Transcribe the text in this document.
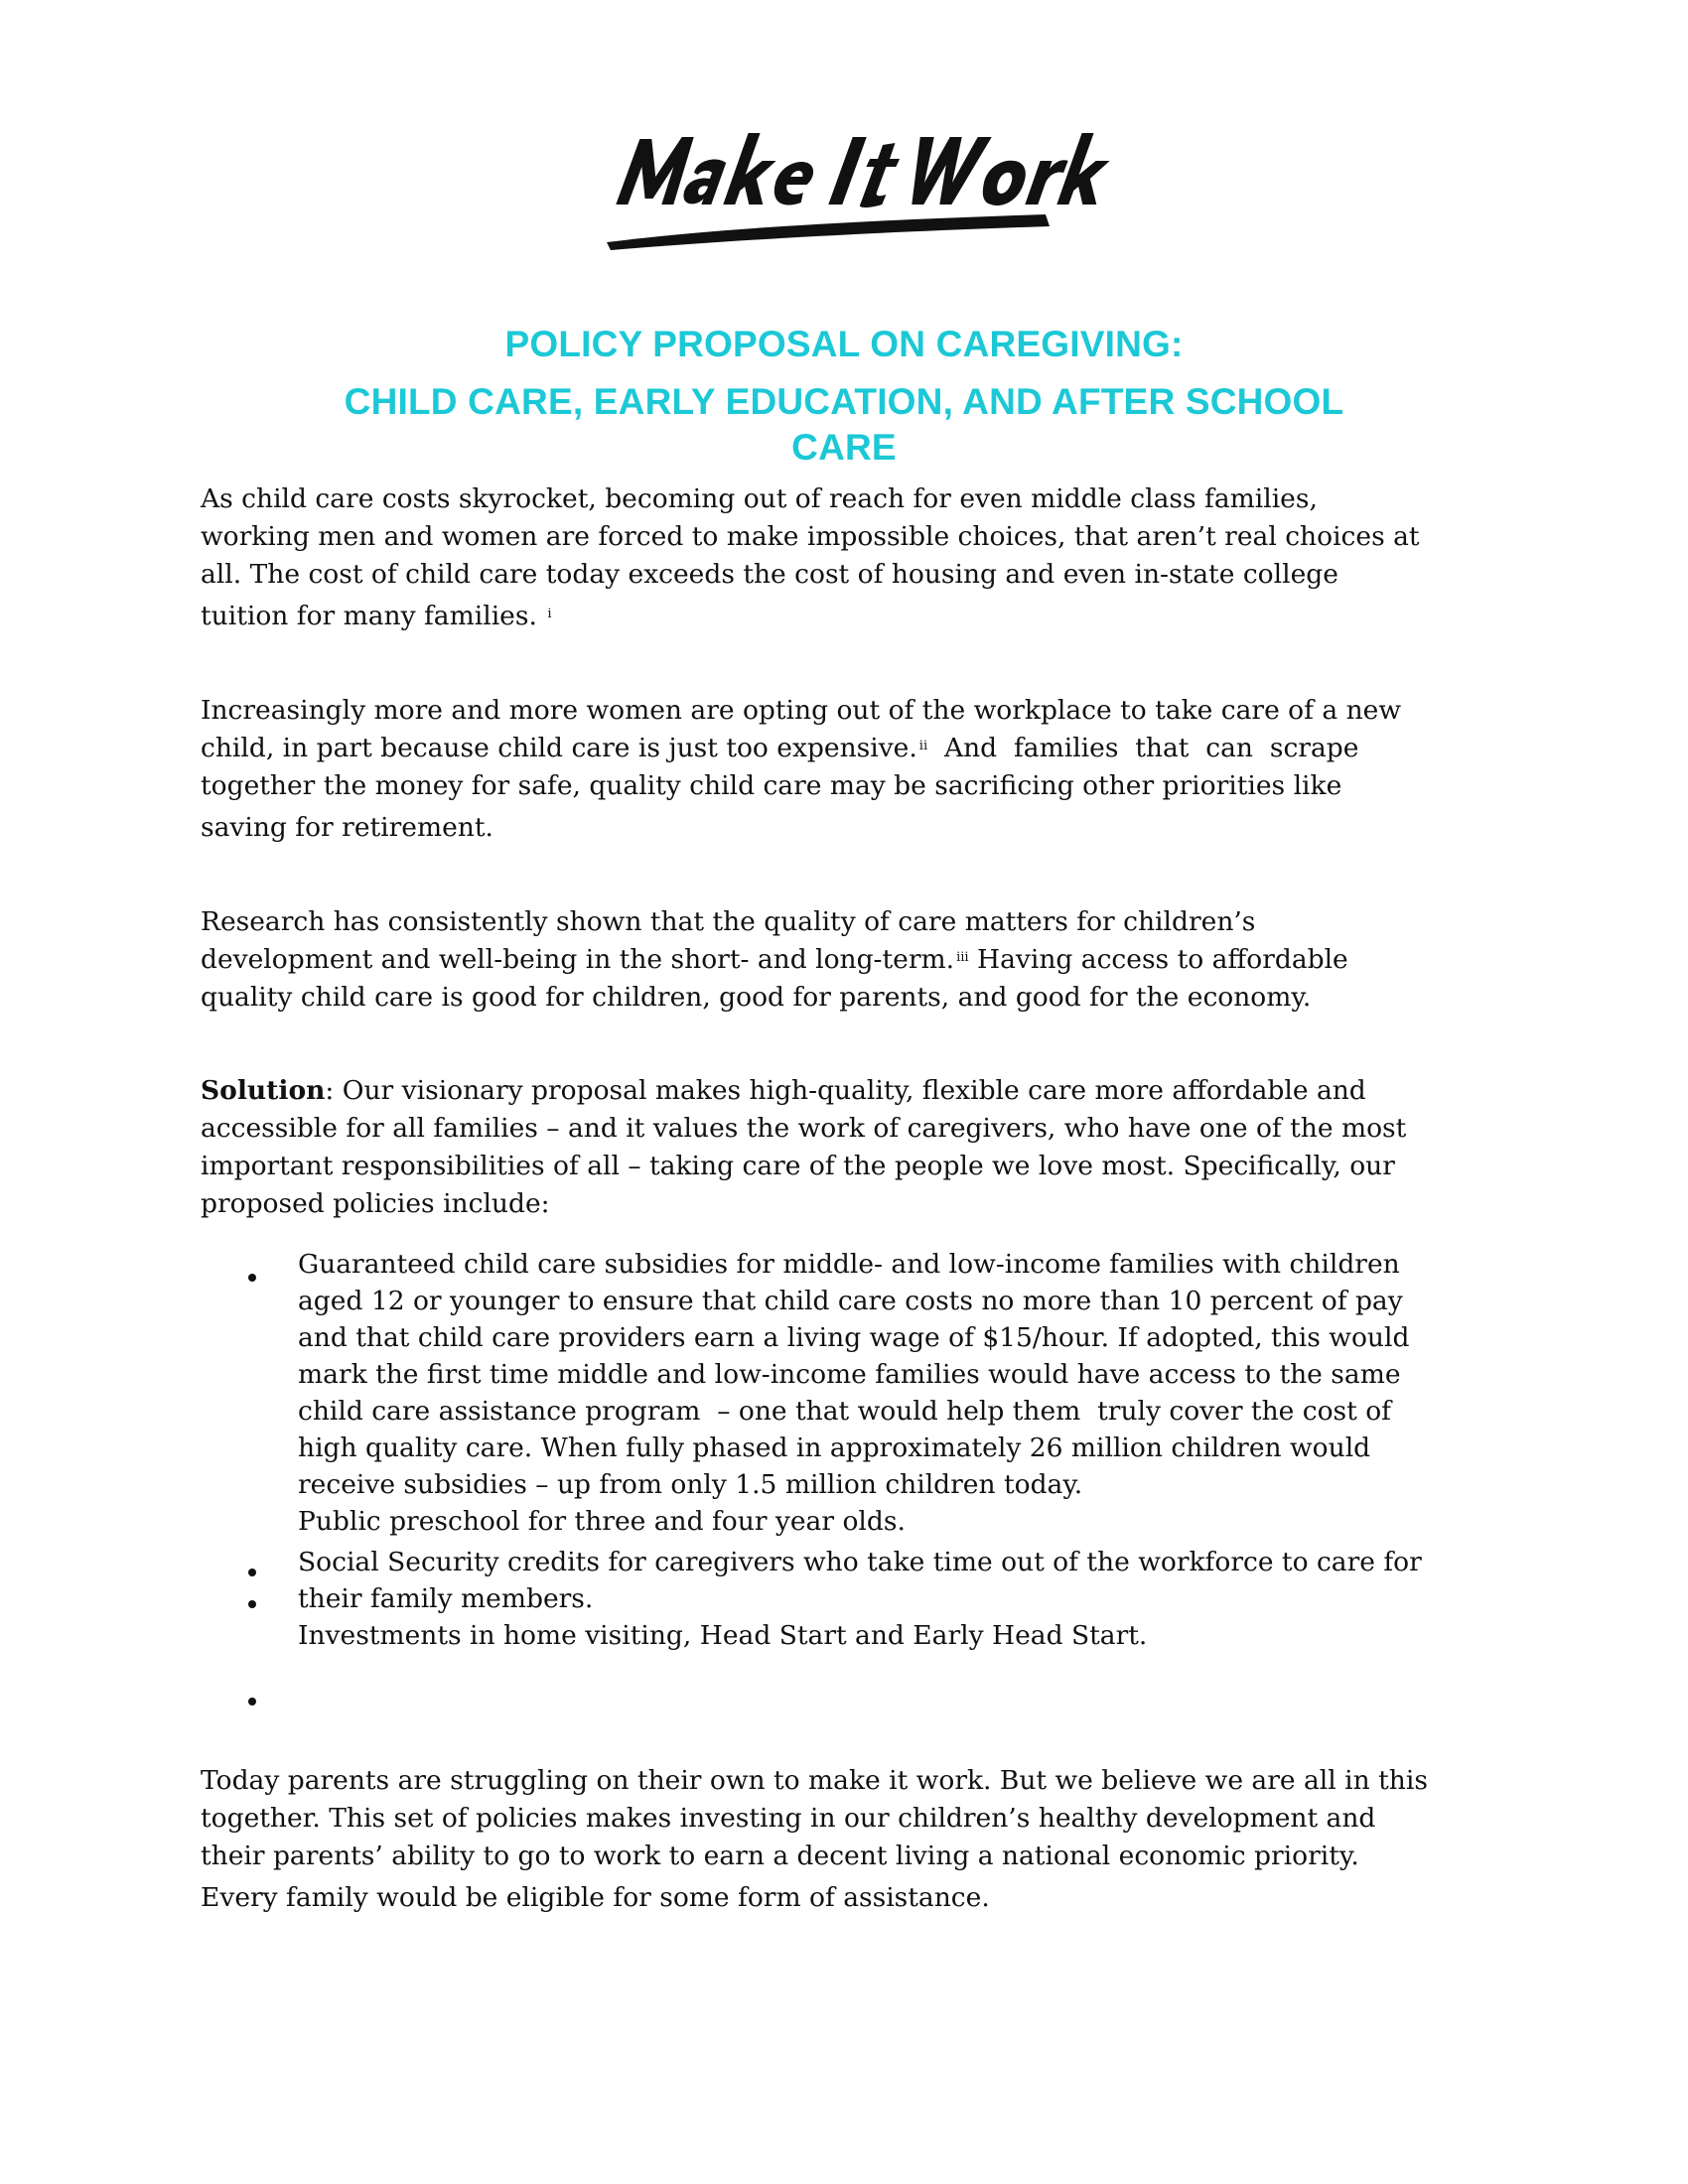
POLICY PROPOSAL ON CAREGIVING:
CHILD CARE, EARLY EDUCATION, AND AFTER SCHOOL
CARE
As child care costs skyrocket, becoming out of reach for even middle class families,
working men and women are forced to make impossible choices, that aren’t real choices at
all. The cost of child care today exceeds the cost of housing and even in-state college
tuition for many families. $^i$
Increasingly more and more women are opting out of the workplace to take care of a new
child, in part because child care is just too expensive. $^{ii}$  And  families  that  can  scrape
together the money for safe, quality child care may be sacrificing other priorities like
saving for retirement.
Research has consistently shown that the quality of care matters for children’s
development and well-being in the short- and long-term. $^{iii}$ Having access to affordable
quality child care is good for children, good for parents, and good for the economy.
Solution: Our visionary proposal makes high-quality, flexible care more affordable and
accessible for all families – and it values the work of caregivers, who have one of the most
important responsibilities of all – taking care of the people we love most. Specifically, our
proposed policies include:
Guaranteed child care subsidies for middle- and low-income families with children
aged 12 or younger to ensure that child care costs no more than 10 percent of pay
and that child care providers earn a living wage of $15/hour. If adopted, this would
mark the first time middle and low-income families would have access to the same
child care assistance program  – one that would help them  truly cover the cost of
high quality care. When fully phased in approximately 26 million children would
receive subsidies – up from only 1.5 million children today.
Public preschool for three and four year olds.
Social Security credits for caregivers who take time out of the workforce to care for
their family members.
Investments in home visiting, Head Start and Early Head Start.
Today parents are struggling on their own to make it work. But we believe we are all in this
together. This set of policies makes investing in our children’s healthy development and
their parents’ ability to go to work to earn a decent living a national economic priority.
Every family would be eligible for some form of assistance.
